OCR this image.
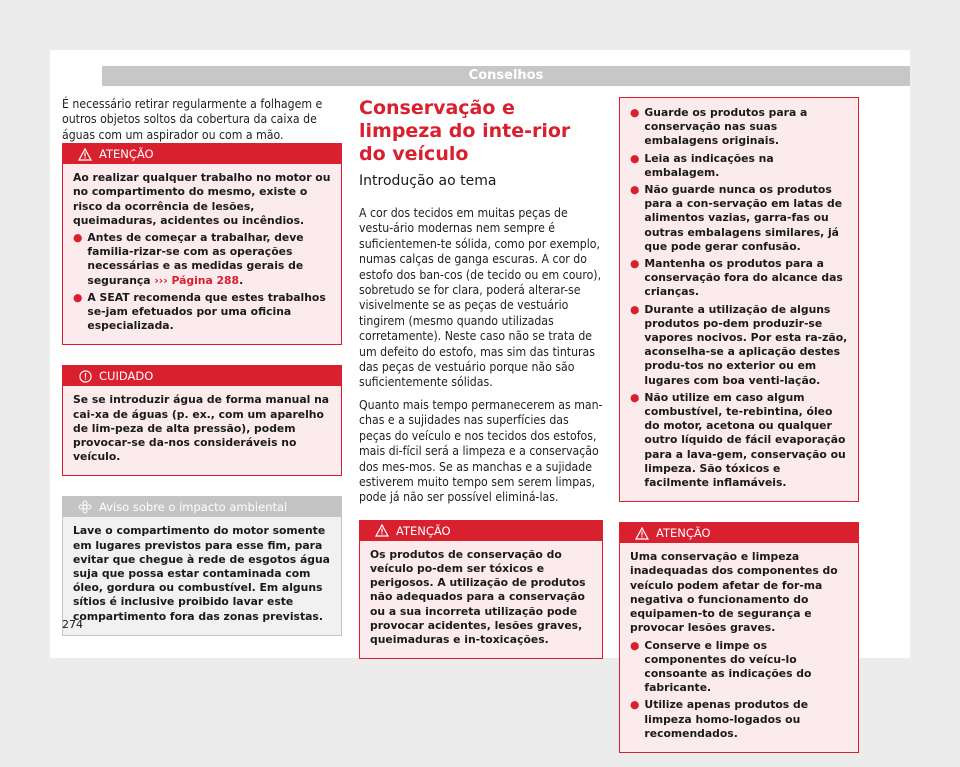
Conselhos

É necessário retirar regularmente a folhagem e outros objetos soltos da cobertura da caixa de águas com um aspirador ou com a mão.

ATENÇÃO
Ao realizar qualquer trabalho no motor ou no compartimento do mesmo, existe o risco da ocorrência de lesões, queimaduras, acidentes ou incêndios.
● Antes de começar a trabalhar, deve familia-rizar-se com as operações necessárias e as medidas gerais de segurança ››› Página 288.
● A SEAT recomenda que estes trabalhos se-jam efetuados por uma oficina especializada.
CUIDADO
Se se introduzir água de forma manual na cai-xa de águas (p. ex., com um aparelho de lim-peza de alta pressão), podem provocar-se da-nos consideráveis no veículo.
Aviso sobre o impacto ambiental
Lave o compartimento do motor somente em lugares previstos para esse fim, para evitar que chegue à rede de esgotos água suja que possa estar contaminada com óleo, gordura ou combustível. Em alguns sítios é inclusive proibido lavar este compartimento fora das zonas previstas.
Conservação e limpeza do inte-rior do veículo
Introdução ao tema

A cor dos tecidos em muitas peças de vestu-ário modernas nem sempre é suficientemen-te sólida, como por exemplo, numas calças de ganga escuras. A cor do estofo dos ban-cos (de tecido ou em couro), sobretudo se for clara, poderá alterar-se visivelmente se as peças de vestuário tingirem (mesmo quando utilizadas corretamente). Neste caso não se trata de um defeito do estofo, mas sim das tinturas das peças de vestuário porque não são suficientemente sólidas.

Quanto mais tempo permanecerem as man-chas e a sujidades nas superfícies das peças do veículo e nos tecidos dos estofos, mais di-fícil será a limpeza e a conservação dos mes-mos. Se as manchas e a sujidade estiverem muito tempo sem serem limpas, pode já não ser possível eliminá-las.

ATENÇÃO
Os produtos de conservação do veículo po-dem ser tóxicos e perigosos. A utilização de produtos não adequados para a conservação ou a sua incorreta utilização pode provocar acidentes, lesões graves, queimaduras e in-toxicações.
● Guarde os produtos para a conservação nas suas embalagens originais.
● Leia as indicações na embalagem.
● Não guarde nunca os produtos para a con-servação em latas de alimentos vazias, garra-fas ou outras embalagens similares, já que pode gerar confusão.
● Mantenha os produtos para a conservação fora do alcance das crianças.
● Durante a utilização de alguns produtos po-dem produzir-se vapores nocivos. Por esta ra-zão, aconselha-se a aplicação destes produ-tos no exterior ou em lugares com boa venti-lação.
● Não utilize em caso algum combustível, te-rebintina, óleo do motor, acetona ou qualquer outro líquido de fácil evaporação para a lava-gem, conservação ou limpeza. São tóxicos e facilmente inflamáveis.
ATENÇÃO
Uma conservação e limpeza inadequadas dos componentes do veículo podem afetar de for-ma negativa o funcionamento do equipamen-to de segurança e provocar lesões graves.
● Conserve e limpe os componentes do veícu-lo consoante as indicações do fabricante.
● Utilize apenas produtos de limpeza homo-logados ou recomendados.
274
